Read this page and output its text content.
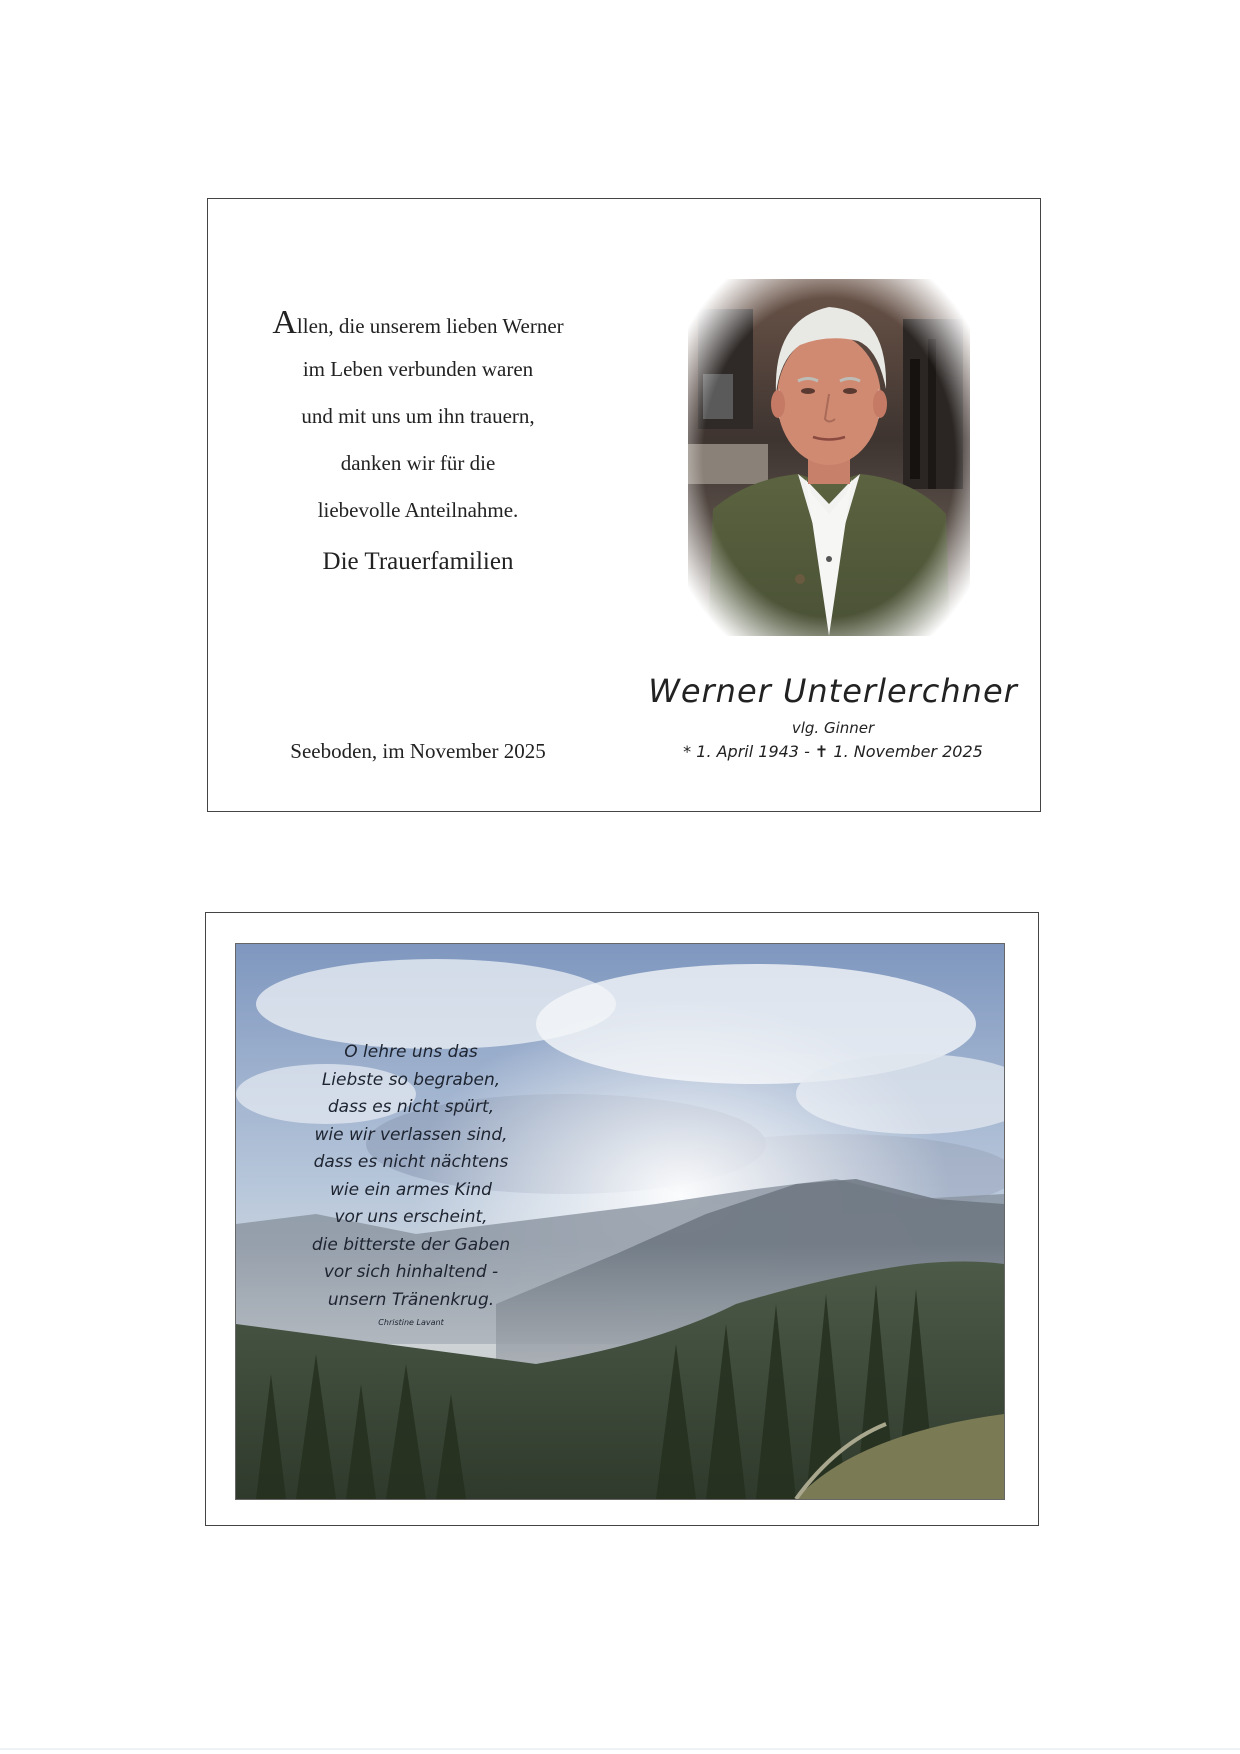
Allen, die unserem lieben Werner
im Leben verbunden waren
und mit uns um ihn trauern,
danken wir für die
liebevolle Anteilnahme.
Die Trauerfamilien
Seeboden, im November 2025
Werner Unterlerchner
vlg. Ginner
* 1. April 1943 - ✝ 1. November 2025
O lehre uns das
Liebste so begraben,
dass es nicht spürt,
wie wir verlassen sind,
dass es nicht nächtens
wie ein armes Kind
vor uns erscheint,
die bitterste der Gaben
vor sich hinhaltend -
unsern Tränenkrug.
Christine Lavant
